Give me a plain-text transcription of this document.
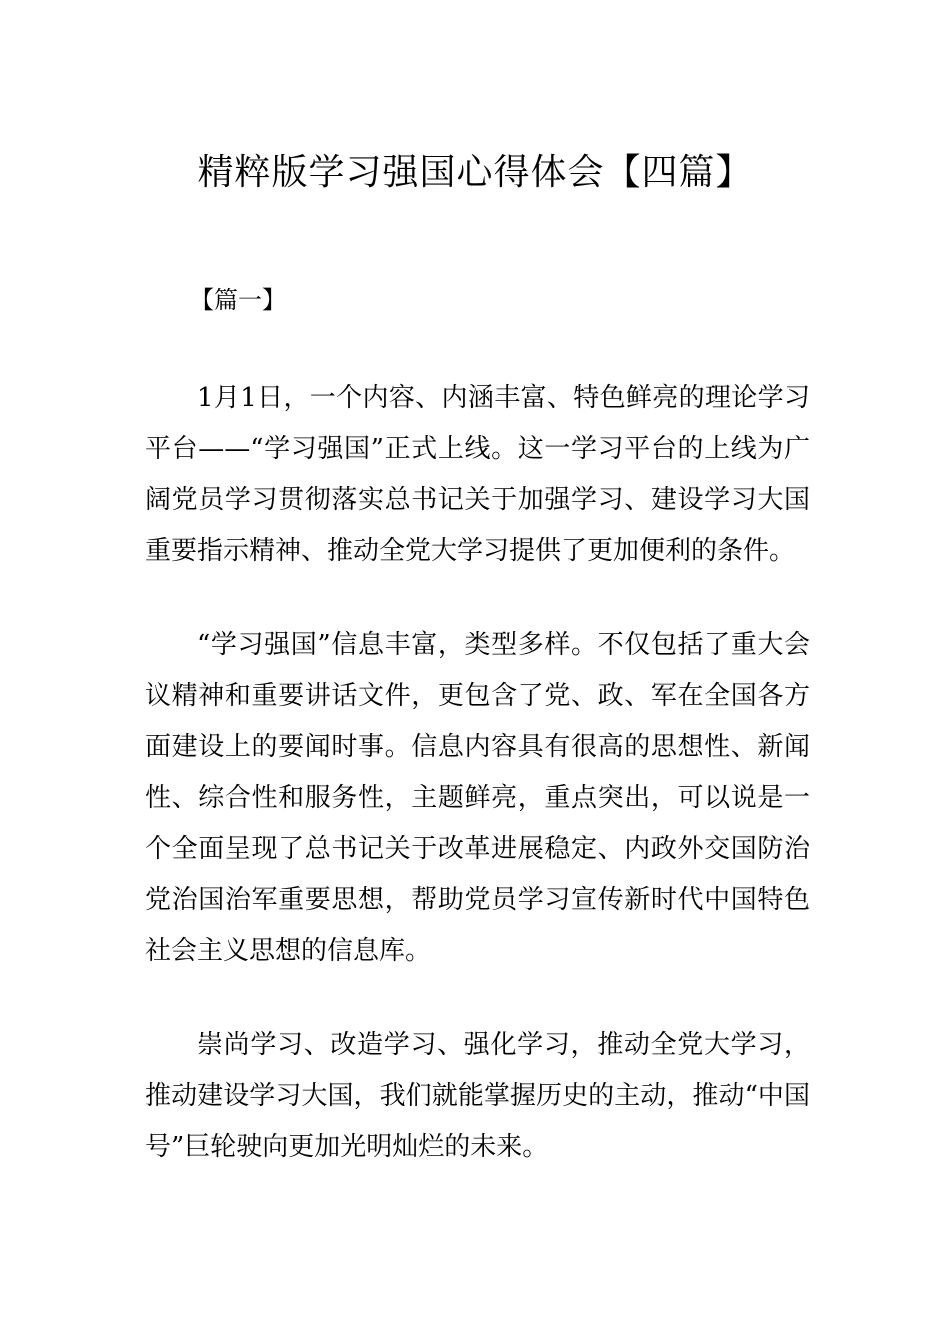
精粹版学习强国心得体会【四篇】
【篇一】

1月1日，一个内容、内涵丰富、特色鲜亮的理论学习平台——“学习强国”正式上线。这一学习平台的上线为广阔党员学习贯彻落实总书记关于加强学习、建设学习大国重要指示精神、推动全党大学习提供了更加便利的条件。

“学习强国”信息丰富，类型多样。不仅包括了重大会议精神和重要讲话文件，更包含了党、政、军在全国各方面建设上的要闻时事。信息内容具有很高的思想性、新闻性、综合性和服务性，主题鲜亮，重点突出，可以说是一个全面呈现了总书记关于改革进展稳定、内政外交国防治党治国治军重要思想，帮助党员学习宣传新时代中国特色社会主义思想的信息库。

崇尚学习、改造学习、强化学习，推动全党大学习，推动建设学习大国，我们就能掌握历史的主动，推动“中国号”巨轮驶向更加光明灿烂的未来。
